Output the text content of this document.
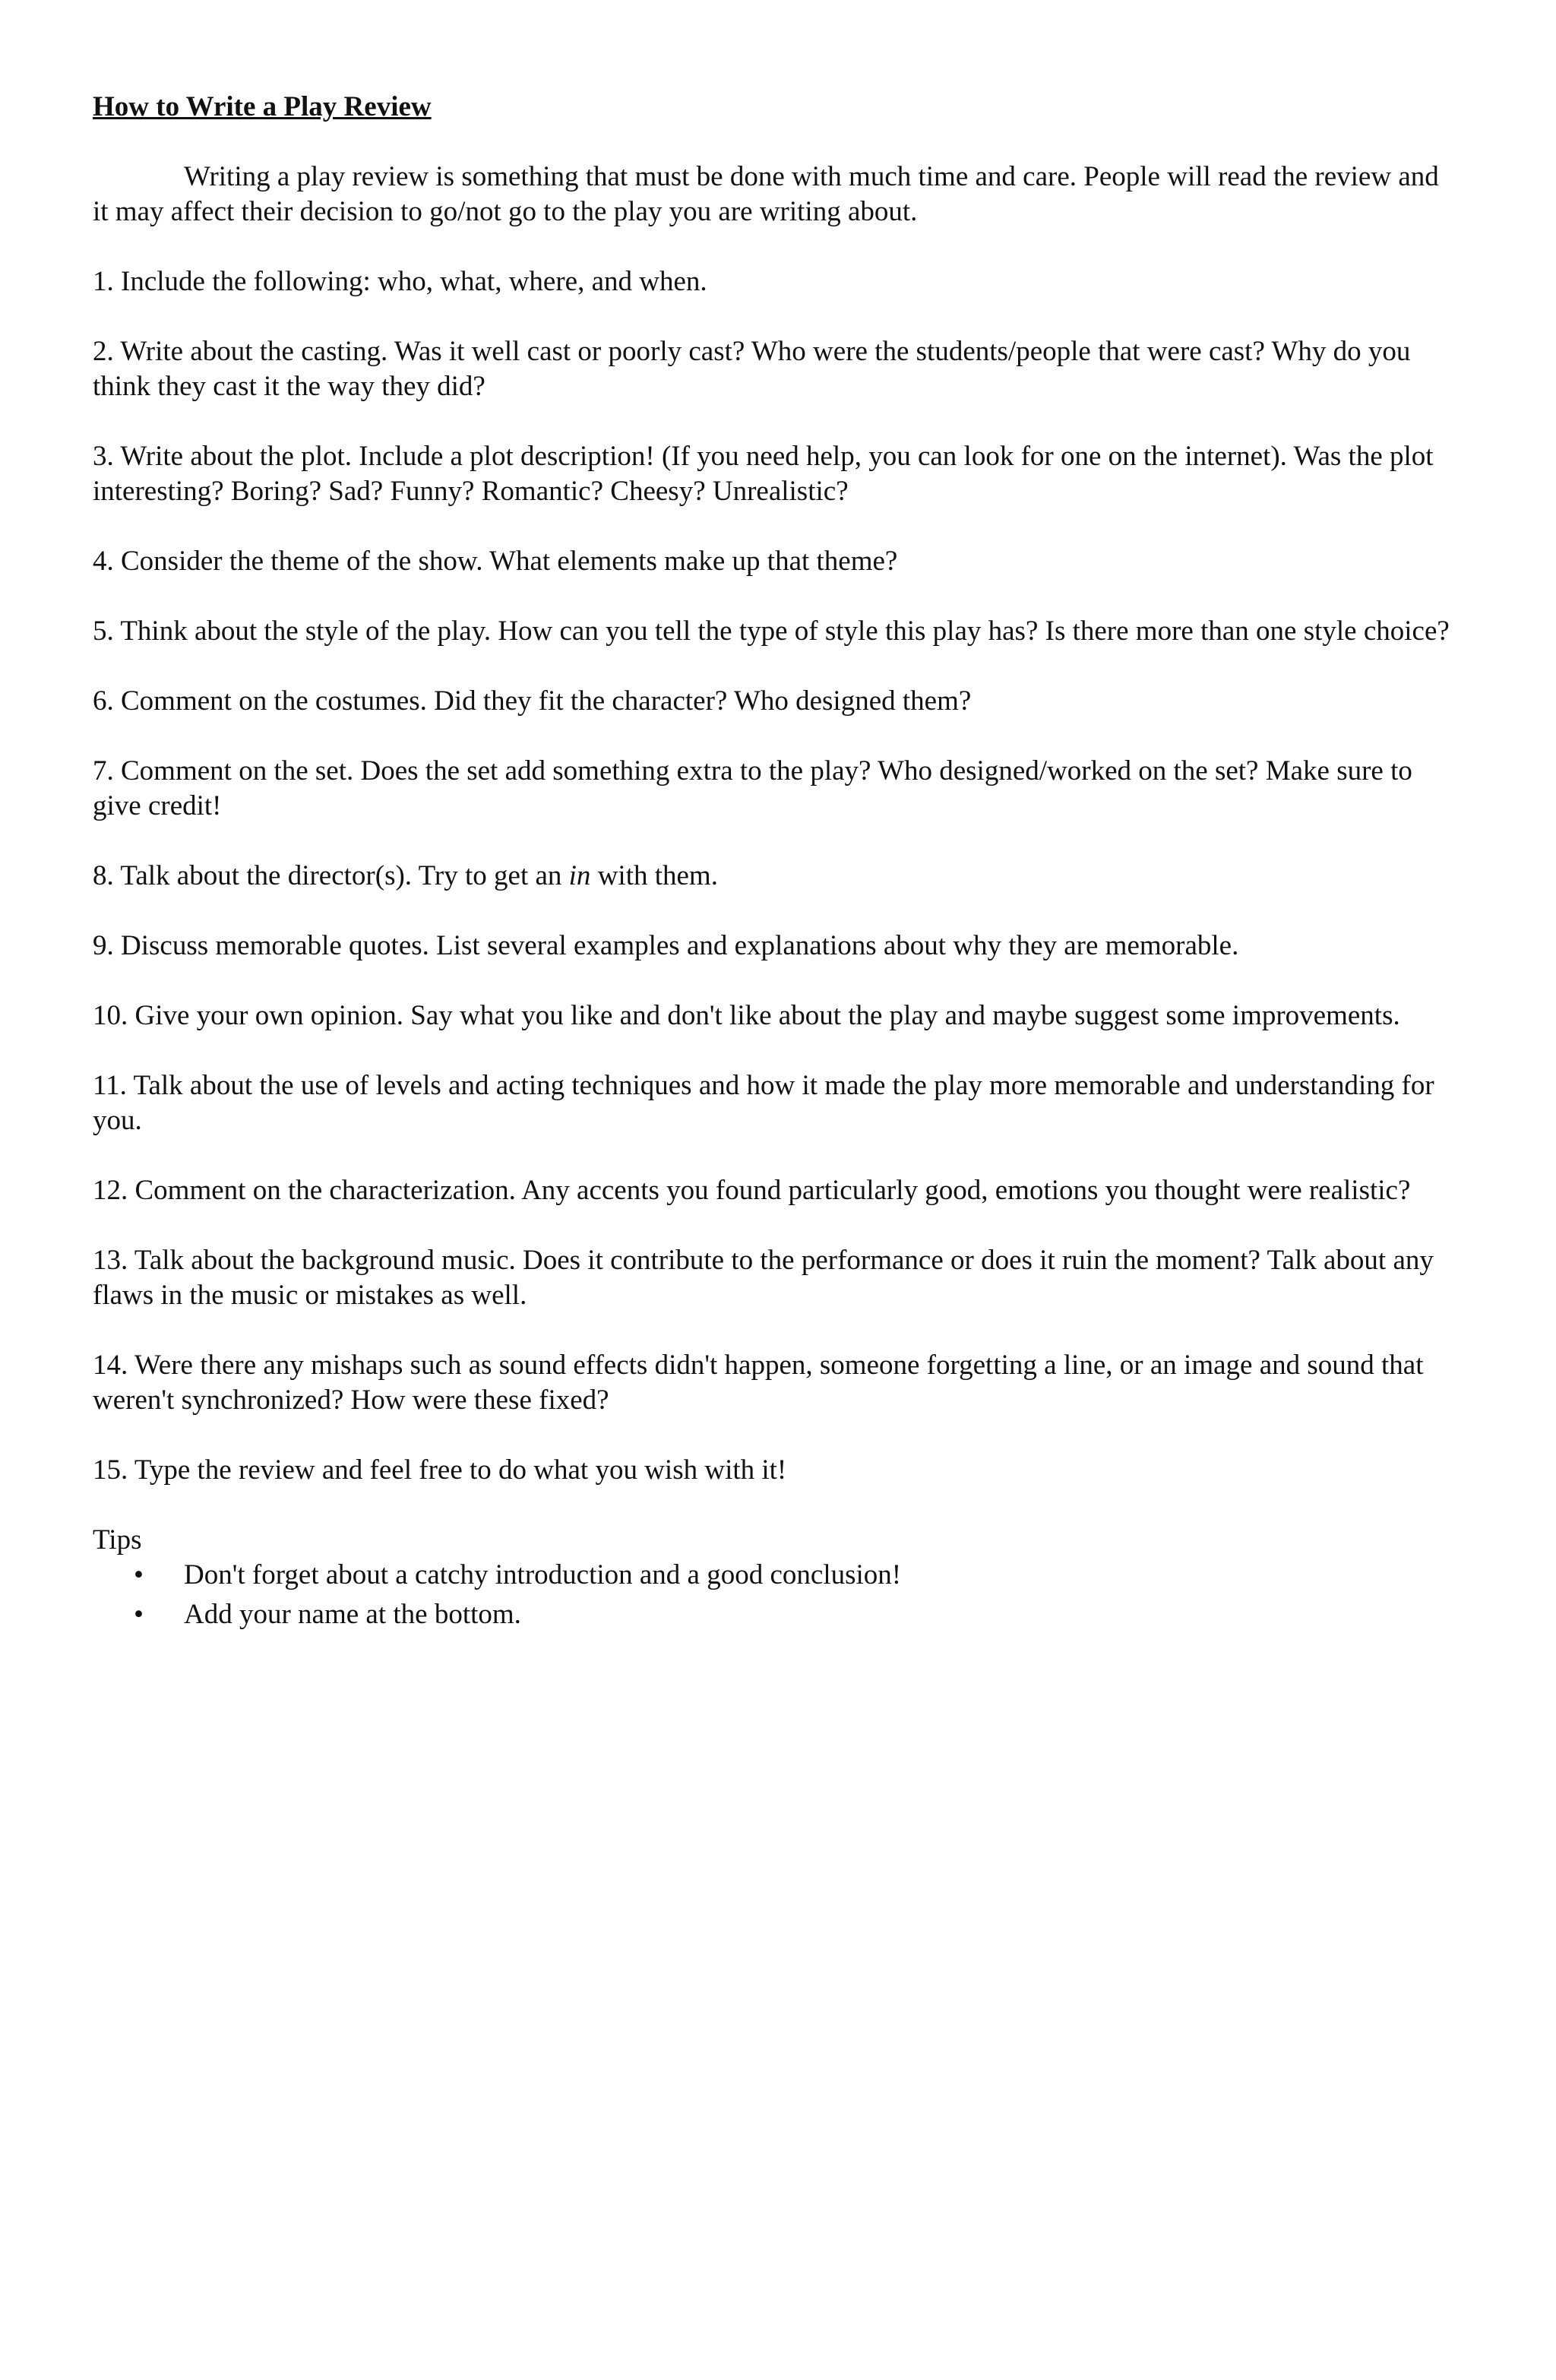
How to Write a Play Review

Writing a play review is something that must be done with much time and care. People will read the review and it may affect their decision to go/not go to the play you are writing about.

1. Include the following: who, what, where, and when.

2. Write about the casting. Was it well cast or poorly cast? Who were the students/people that were cast? Why do you think they cast it the way they did?

3. Write about the plot. Include a plot description! (If you need help, you can look for one on the internet). Was the plot interesting? Boring? Sad? Funny? Romantic? Cheesy? Unrealistic?

4. Consider the theme of the show. What elements make up that theme?

5. Think about the style of the play. How can you tell the type of style this play has? Is there more than one style choice?

6. Comment on the costumes. Did they fit the character? Who designed them?

7. Comment on the set. Does the set add something extra to the play? Who designed/worked on the set? Make sure to give credit!

8. Talk about the director(s). Try to get an in with them.

9. Discuss memorable quotes. List several examples and explanations about why they are memorable.

10. Give your own opinion. Say what you like and don't like about the play and maybe suggest some improvements.

11. Talk about the use of levels and acting techniques and how it made the play more memorable and understanding for you.

12. Comment on the characterization. Any accents you found particularly good, emotions you thought were realistic?

13. Talk about the background music. Does it contribute to the performance or does it ruin the moment? Talk about any flaws in the music or mistakes as well.

14. Were there any mishaps such as sound effects didn't happen, someone forgetting a line, or an image and sound that weren't synchronized? How were these fixed?

15. Type the review and feel free to do what you wish with it!

Tips
• Don't forget about a catchy introduction and a good conclusion!
• Add your name at the bottom.
